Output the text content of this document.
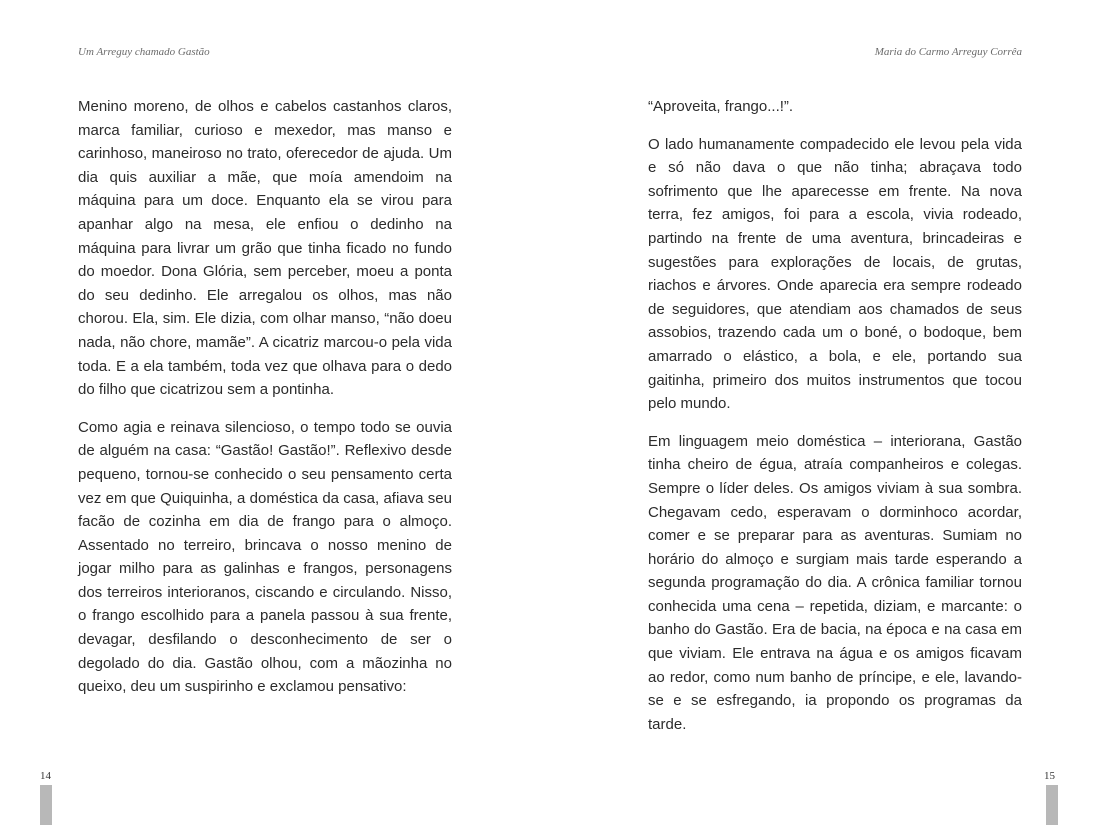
Um Arreguy chamado Gastão

Menino moreno, de olhos e cabelos castanhos claros, marca familiar, curioso e mexedor, mas manso e carinhoso, maneiroso no trato, oferecedor de ajuda. Um dia quis auxiliar a mãe, que moía amendoim na máquina para um doce. Enquanto ela se virou para apanhar algo na mesa, ele enfiou o dedinho na máquina para livrar um grão que tinha ficado no fundo do moedor. Dona Glória, sem perceber, moeu a ponta do seu dedinho. Ele arregalou os olhos, mas não chorou. Ela, sim. Ele dizia, com olhar manso, “não doeu nada, não chore, mamãe”. A cicatriz marcou-o pela vida toda. E a ela também, toda vez que olhava para o dedo do filho que cicatrizou sem a pontinha.

Como agia e reinava silencioso, o tempo todo se ouvia de alguém na casa: “Gastão! Gastão!”. Reflexivo desde pequeno, tornou-se conhecido o seu pensamento certa vez em que Quiquinha, a doméstica da casa, afiava seu facão de cozinha em dia de frango para o almoço. Assentado no terreiro, brincava o nosso menino de jogar milho para as galinhas e frangos, personagens dos terreiros interioranos, ciscando e circulando. Nisso, o frango escolhido para a panela passou à sua frente, devagar, desfilando o desconhecimento de ser o degolado do dia. Gastão olhou, com a mãozinha no queixo, deu um suspirinho e exclamou pensativo:

14
Maria do Carmo Arreguy Corrêa

“Aproveita, frango...!”.

O lado humanamente compadecido ele levou pela vida e só não dava o que não tinha; abraçava todo sofrimento que lhe aparecesse em frente. Na nova terra, fez amigos, foi para a escola, vivia rodeado, partindo na frente de uma aventura, brincadeiras e sugestões para explorações de locais, de grutas, riachos e árvores. Onde aparecia era sempre rodeado de seguidores, que atendiam aos chamados de seus assobios, trazendo cada um o boné, o bodoque, bem amarrado o elástico, a bola, e ele, portando sua gaitinha, primeiro dos muitos instrumentos que tocou pelo mundo.

Em linguagem meio doméstica – interiorana, Gastão tinha cheiro de égua, atraía companheiros e colegas. Sempre o líder deles. Os amigos viviam à sua sombra. Chegavam cedo, esperavam o dorminhoco acordar, comer e se preparar para as aventuras. Sumiam no horário do almoço e surgiam mais tarde esperando a segunda programação do dia. A crônica familiar tornou conhecida uma cena – repetida, diziam, e marcante: o banho do Gastão. Era de bacia, na época e na casa em que viviam. Ele entrava na água e os amigos ficavam ao redor, como num banho de príncipe, e ele, lavando-se e se esfregando, ia propondo os programas da tarde.

15
